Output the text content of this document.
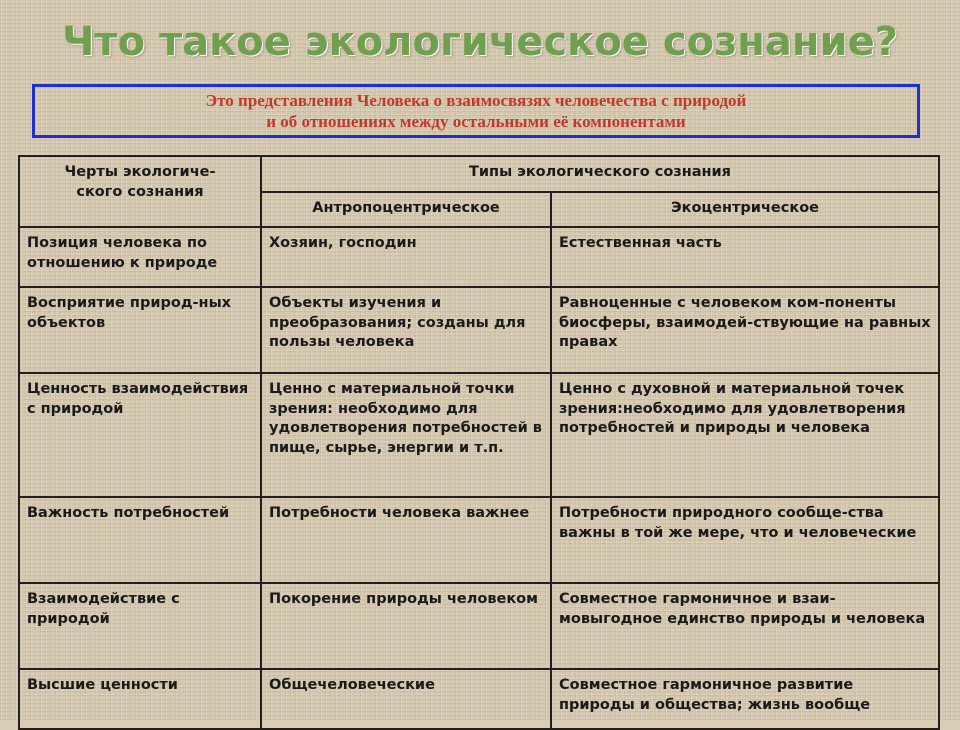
Что такое экологическое сознание?
Это представления Человека о взаимосвязях человечества с природой
и об отношениях между остальными её компонентами
Черты экологиче-
ского сознания	Типы экологического сознания	
	Антропоцентрическое	Экоцентрическое
Позиция человека по отношению к природе	Хозяин, господин	Естественная часть
Восприятие природ-ных объектов	Объекты изучения и преобразования; созданы для пользы человека	Равноценные с человеком ком-поненты биосферы, взаимодей-ствующие на равных правах
Ценность взаимодействия с природой	Ценно с материальной точки зрения: необходимо для удовлетворения потребностей в пище, сырье, энергии и т.п.	Ценно с духовной и материальной точек зрения:необходимо для удовлетворения потребностей и природы и человека
Важность потребностей	Потребности человека важнее	Потребности природного сообще-ства важны в той же мере, что и человеческие
Взаимодействие с природой	Покорение природы человеком	Совместное гармоничное и взаи-мовыгодное единство природы и человека
Высшие ценности	Общечеловеческие	Совместное гармоничное развитие природы и общества; жизнь вообще
